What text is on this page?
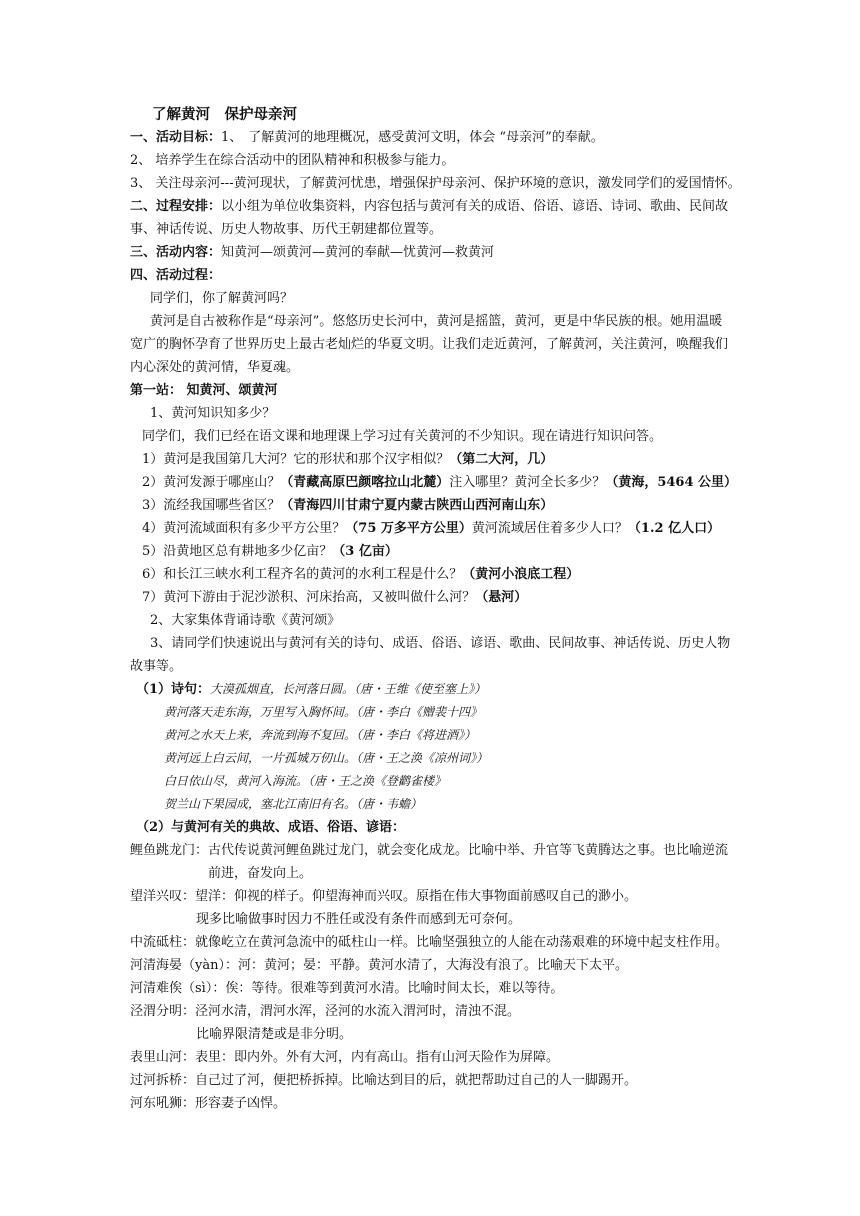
了解黄河　保护母亲河
一、活动目标：1、 了解黄河的地理概况，感受黄河文明，体会 “母亲河”的奉献。
2、 培养学生在综合活动中的团队精神和积极参与能力。
3、 关注母亲河---黄河现状，了解黄河忧患，增强保护母亲河、保护环境的意识，激发同学们的爱国情怀。
二、过程安排：以小组为单位收集资料，内容包括与黄河有关的成语、俗语、谚语、诗词、歌曲、民间故
事、神话传说、历史人物故事、历代王朝建都位置等。
三、活动内容：知黄河—颂黄河—黄河的奉献—忧黄河—救黄河
四、活动过程：
同学们，你了解黄河吗？
黄河是自古被称作是“母亲河”。悠悠历史长河中，黄河是摇篮，黄河，更是中华民族的根。她用温暖
宽广的胸怀孕育了世界历史上最古老灿烂的华夏文明。让我们走近黄河，了解黄河，关注黄河，唤醒我们
内心深处的黄河情，华夏魂。
第一站： 知黄河、颂黄河
1、黄河知识知多少？
同学们，我们已经在语文课和地理课上学习过有关黄河的不少知识。现在请进行知识问答。
1）黄河是我国第几大河？它的形状和那个汉字相似？（第二大河，几）
2）黄河发源于哪座山？（青藏高原巴颜喀拉山北麓）注入哪里？黄河全长多少？（黄海，5464 公里）
3）流经我国哪些省区？（青海四川甘肃宁夏内蒙古陕西山西河南山东）
4）黄河流域面积有多少平方公里？（75 万多平方公里）黄河流域居住着多少人口？（1.2 亿人口）
5）沿黄地区总有耕地多少亿亩？（3 亿亩）
6）和长江三峡水利工程齐名的黄河的水利工程是什么？（黄河小浪底工程）
7）黄河下游由于泥沙淤积、河床抬高，又被叫做什么河？（悬河）
2、大家集体背诵诗歌《黄河颂》
3、请同学们快速说出与黄河有关的诗句、成语、俗语、谚语、歌曲、民间故事、神话传说、历史人物
故事等。
（1）诗句：大漠孤烟直，长河落日圆。（唐・王维《使至塞上》）
黄河落天走东海，万里写入胸怀间。（唐・李白《赠裴十四》
黄河之水天上来，奔流到海不复回。（唐・李白《将进酒》）
黄河远上白云间，一片孤城万仞山。（唐・王之涣《凉州词》）
白日依山尽，黄河入海流。（唐・王之涣《登鹳雀楼》
贺兰山下果园成，塞北江南旧有名。（唐・韦蟾）
（2）与黄河有关的典故、成语、俗语、谚语：
鲤鱼跳龙门：古代传说黄河鲤鱼跳过龙门，就会变化成龙。比喻中举、升官等飞黄腾达之事。也比喻逆流
前进，奋发向上。
望洋兴叹：望洋：仰视的样子。仰望海神而兴叹。原指在伟大事物面前感叹自己的渺小。
现多比喻做事时因力不胜任或没有条件而感到无可奈何。
中流砥柱：就像屹立在黄河急流中的砥柱山一样。比喻坚强独立的人能在动荡艰难的环境中起支柱作用。
河清海晏（yàn）：河：黄河；晏：平静。黄河水清了，大海没有浪了。比喻天下太平。
河清难俟（sì）：俟：等待。很难等到黄河水清。比喻时间太长，难以等待。
泾渭分明：泾河水清，渭河水浑，泾河的水流入渭河时，清浊不混。
比喻界限清楚或是非分明。
表里山河：表里：即内外。外有大河，内有高山。指有山河天险作为屏障。
过河拆桥：自己过了河，便把桥拆掉。比喻达到目的后，就把帮助过自己的人一脚踢开。
河东吼狮：形容妻子凶悍。
